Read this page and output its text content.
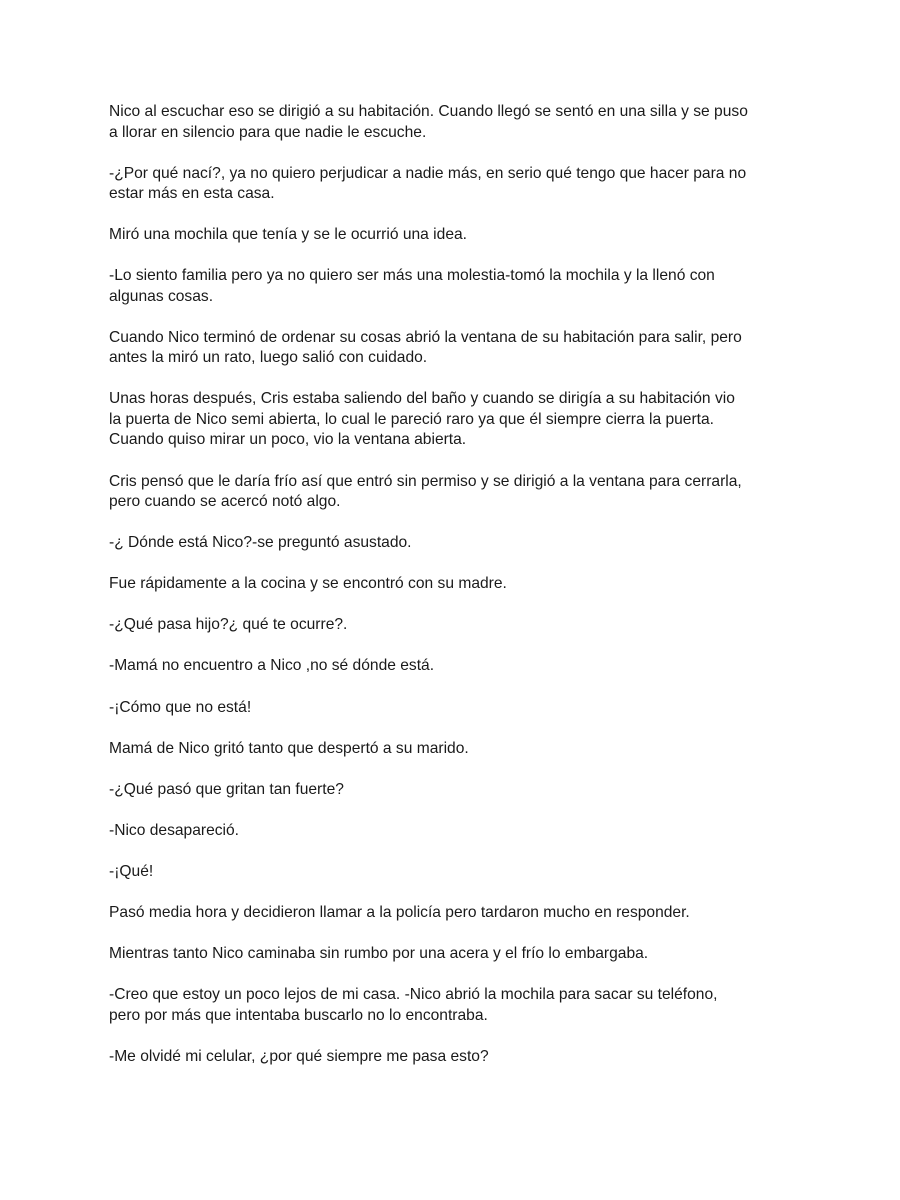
Nico al escuchar eso se dirigió a su habitación. Cuando llegó se sentó en una silla y se puso
a llorar en silencio para que nadie le escuche.

-¿Por qué nací?, ya no quiero perjudicar a nadie más, en serio qué tengo que hacer para no
estar más en esta casa.

Miró una mochila que tenía y se le ocurrió una idea.

-Lo siento familia pero ya no quiero ser más una molestia-tomó la mochila y la llenó con
algunas cosas.

Cuando Nico terminó de ordenar su cosas abrió la ventana de su habitación para salir, pero
antes la miró un rato, luego salió con cuidado.

Unas horas después, Cris estaba saliendo del baño y cuando se dirigía a su habitación vio
la puerta de Nico semi abierta, lo cual le pareció raro ya que él siempre cierra la puerta.
Cuando quiso mirar un poco, vio la ventana abierta.

Cris pensó que le daría frío así que entró sin permiso y se dirigió a la ventana para cerrarla,
pero cuando se acercó notó algo.

-¿ Dónde está Nico?-se preguntó asustado.

Fue rápidamente a la cocina y se encontró con su madre.

-¿Qué pasa hijo?¿ qué te ocurre?.

-Mamá no encuentro a Nico ,no sé dónde está.

-¡Cómo que no está!

Mamá de Nico gritó tanto que despertó a su marido.

-¿Qué pasó que gritan tan fuerte?

-Nico desapareció.

-¡Qué!

Pasó media hora y decidieron llamar a la policía pero tardaron mucho en responder.

Mientras tanto Nico caminaba sin rumbo por una acera y el frío lo embargaba.

-Creo que estoy un poco lejos de mi casa. -Nico abrió la mochila para sacar su teléfono,
pero por más que intentaba buscarlo no lo encontraba.

-Me olvidé mi celular, ¿por qué siempre me pasa esto?
